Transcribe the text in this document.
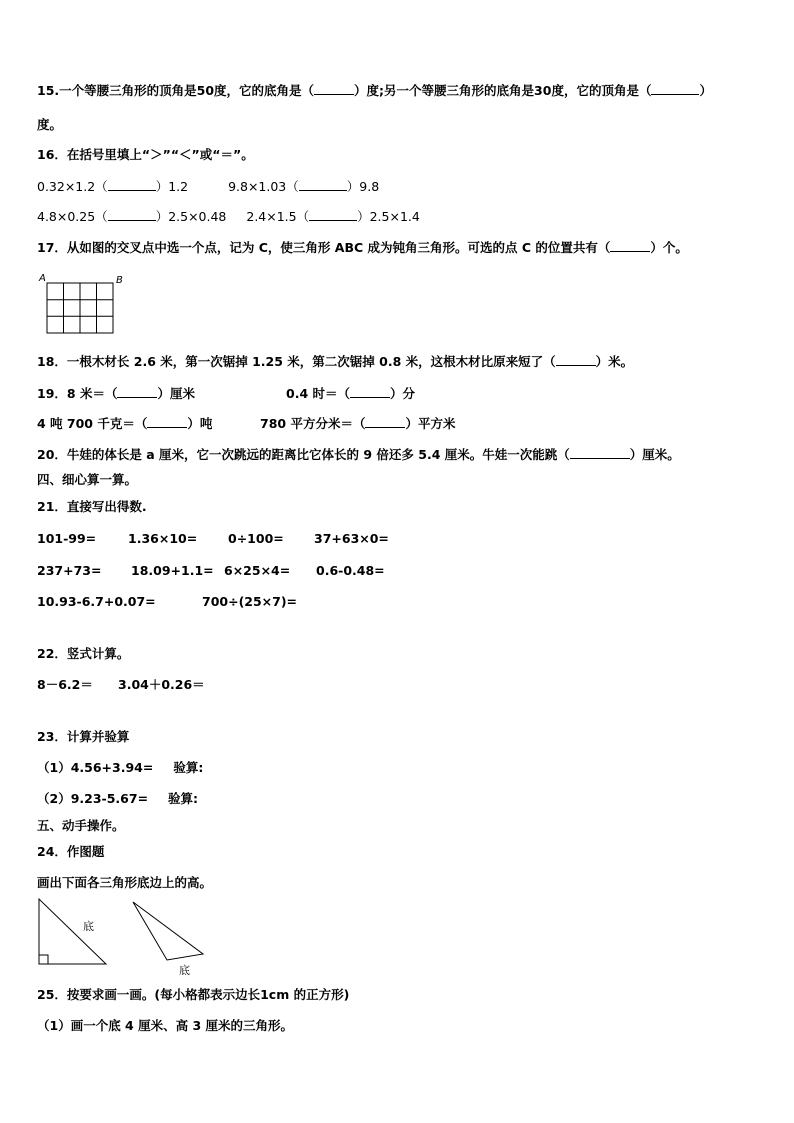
15.一个等腰三角形的顶角是50度，它的底角是（	）度;另一个等腰三角形的底角是30度，它的顶角是（	）
度。
16．在括号里填上“＞”“＜”或“＝”。
0.32×1.2（	）1.2	9.8×1.03（	）9.8
4.8×0.25（	）2.5×0.48 2.4×1.5（	）2.5×1.4
17．从如图的交叉点中选一个点，记为 C，使三角形 ABC 成为钝角三角形。可选的点 C 的位置共有（	）个。
A	B
18．一根木材长 2.6 米，第一次锯掉 1.25 米，第二次锯掉 0.8 米，这根木材比原来短了（	）米。
19．8 米＝（	）厘米	0.4 时＝（	）分
4 吨 700 千克＝（	）吨	780 平方分米＝（	）平方米
20．牛娃的体长是 a 厘米，它一次跳远的距离比它体长的 9 倍还多 5.4 厘米。牛娃一次能跳（	）厘米。
四、细心算一算。
21．直接写出得数.
101-99=	1.36×10= 0÷100= 37+63×0=
237+73= 18.09+1.1= 6×25×4= 0.6-0.48=
10.93-6.7+0.07=	700÷(25×7)=
22．竖式计算。
8－6.2＝ 3.04＋0.26＝
23．计算并验算
（1）4.56+3.94= 验算:
（2）9.23-5.67= 验算:
五、动手操作。
24．作图题
画出下面各三角形底边上的高。
底
底
25．按要求画一画。(每小格都表示边长1cm 的正方形)
（1）画一个底 4 厘米、高 3 厘米的三角形。
